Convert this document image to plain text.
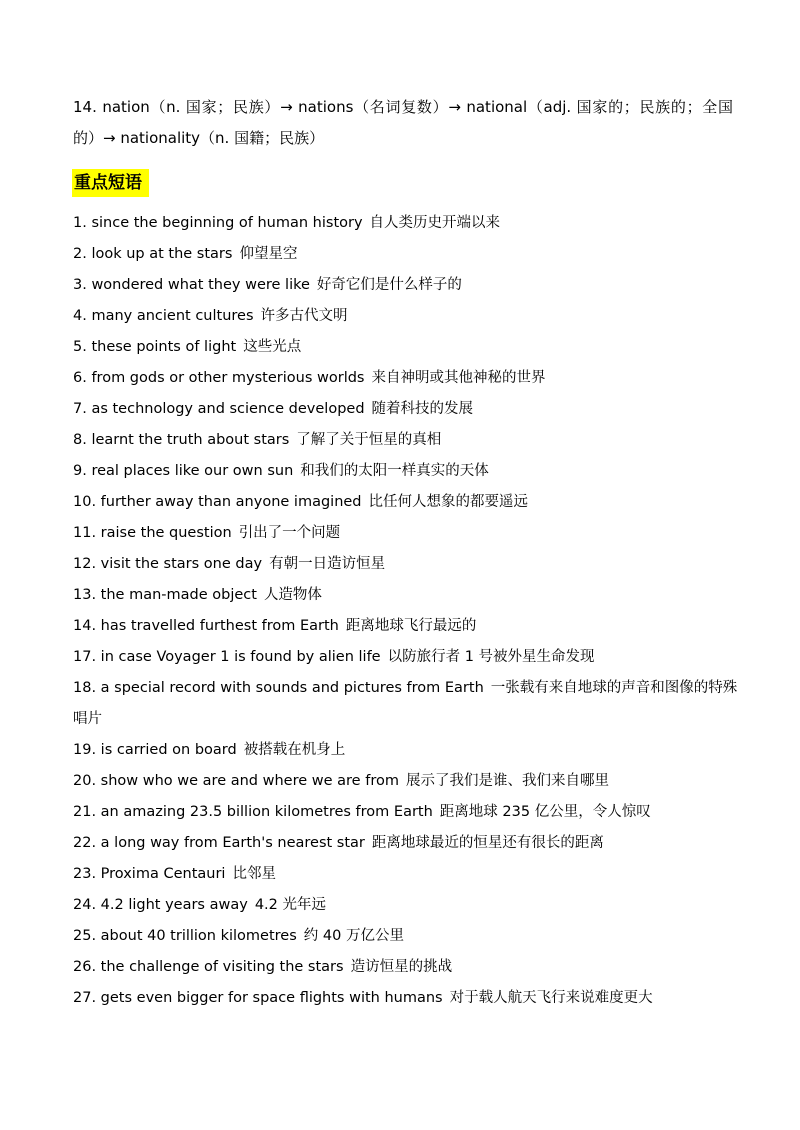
14. nation（n. 国家；民族）→ nations（名词复数）→ national（adj. 国家的；民族的；全国的）→ nationality（n. 国籍；民族）

重点短语
1. since the beginning of human history 自人类历史开端以来
2. look up at the stars 仰望星空
3. wondered what they were like 好奇它们是什么样子的
4. many ancient cultures 许多古代文明
5. these points of light 这些光点
6. from gods or other mysterious worlds 来自神明或其他神秘的世界
7. as technology and science developed 随着科技的发展
8. learnt the truth about stars 了解了关于恒星的真相
9. real places like our own sun 和我们的太阳一样真实的天体
10. further away than anyone imagined 比任何人想象的都要遥远
11. raise the question 引出了一个问题
12. visit the stars one day 有朝一日造访恒星
13. the man-made object 人造物体
14. has travelled furthest from Earth 距离地球飞行最远的
17. in case Voyager 1 is found by alien life 以防旅行者 1 号被外星生命发现
18. a special record with sounds and pictures from Earth 一张载有来自地球的声音和图像的特殊唱片
19. is carried on board 被搭载在机身上
20. show who we are and where we are from 展示了我们是谁、我们来自哪里
21. an amazing 23.5 billion kilometres from Earth 距离地球 235 亿公里，令人惊叹
22. a long way from Earth's nearest star 距离地球最近的恒星还有很长的距离
23. Proxima Centauri 比邻星
24. 4.2 light years away 4.2 光年远
25. about 40 trillion kilometres 约 40 万亿公里
26. the challenge of visiting the stars 造访恒星的挑战
27. gets even bigger for space flights with humans 对于载人航天飞行来说难度更大
